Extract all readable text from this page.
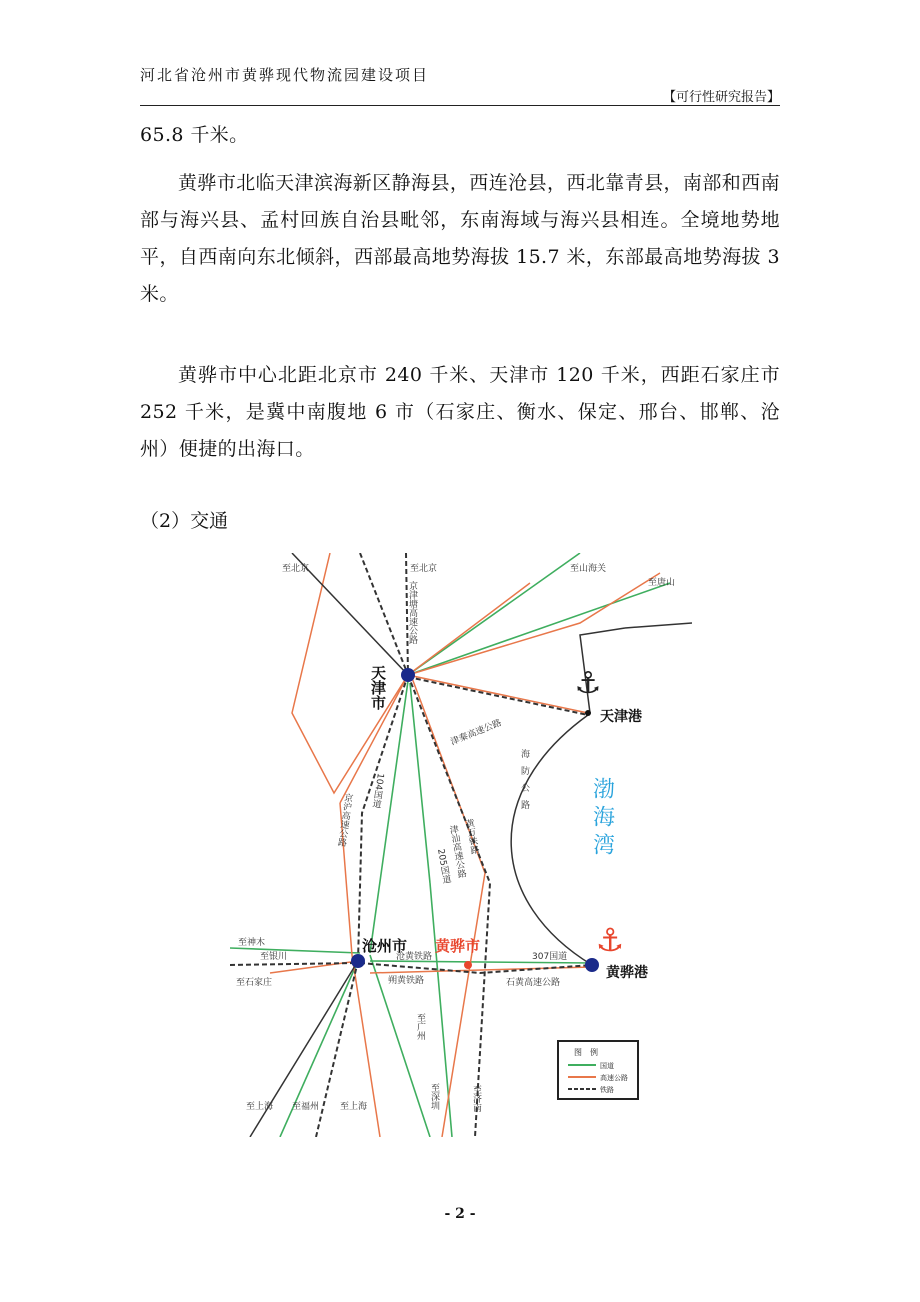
河北省沧州市黄骅现代物流园建设项目
【可行性研究报告】

65.8 千米。

黄骅市北临天津滨海新区静海县，西连沧县，西北靠青县，南部和西南部与海兴县、孟村回族自治县毗邻，东南海域与海兴县相连。全境地势地平，自西南向东北倾斜，西部最高地势海拔 15.7 米，东部最高地势海拔 3 米。

黄骅市中心北距北京市 240 千米、天津市 120 千米，西距石家庄市 252 千米，是冀中南腹地 6 市（石家庄、衡水、保定、邢台、邯郸、沧州）便捷的出海口。

（2）交通

⚓
⚓
天津市
沧州市 黄骅市
天津港
黄骅港
渤海湾
至北京	至北京	至山海关
至唐山
至神木
至银川
至石家庄
至上海 至福州 至上海
至广州
至深圳	至济南
京津塘高速公路
津秦高速公路
海防公路
104国道
京沪高速公路	黄万铁路
津汕高速公路
205国道
沧黄铁路	307国道
朔黄铁路	石黄高速公路
图　例
国道
高速公路
铁路
- 2 -
